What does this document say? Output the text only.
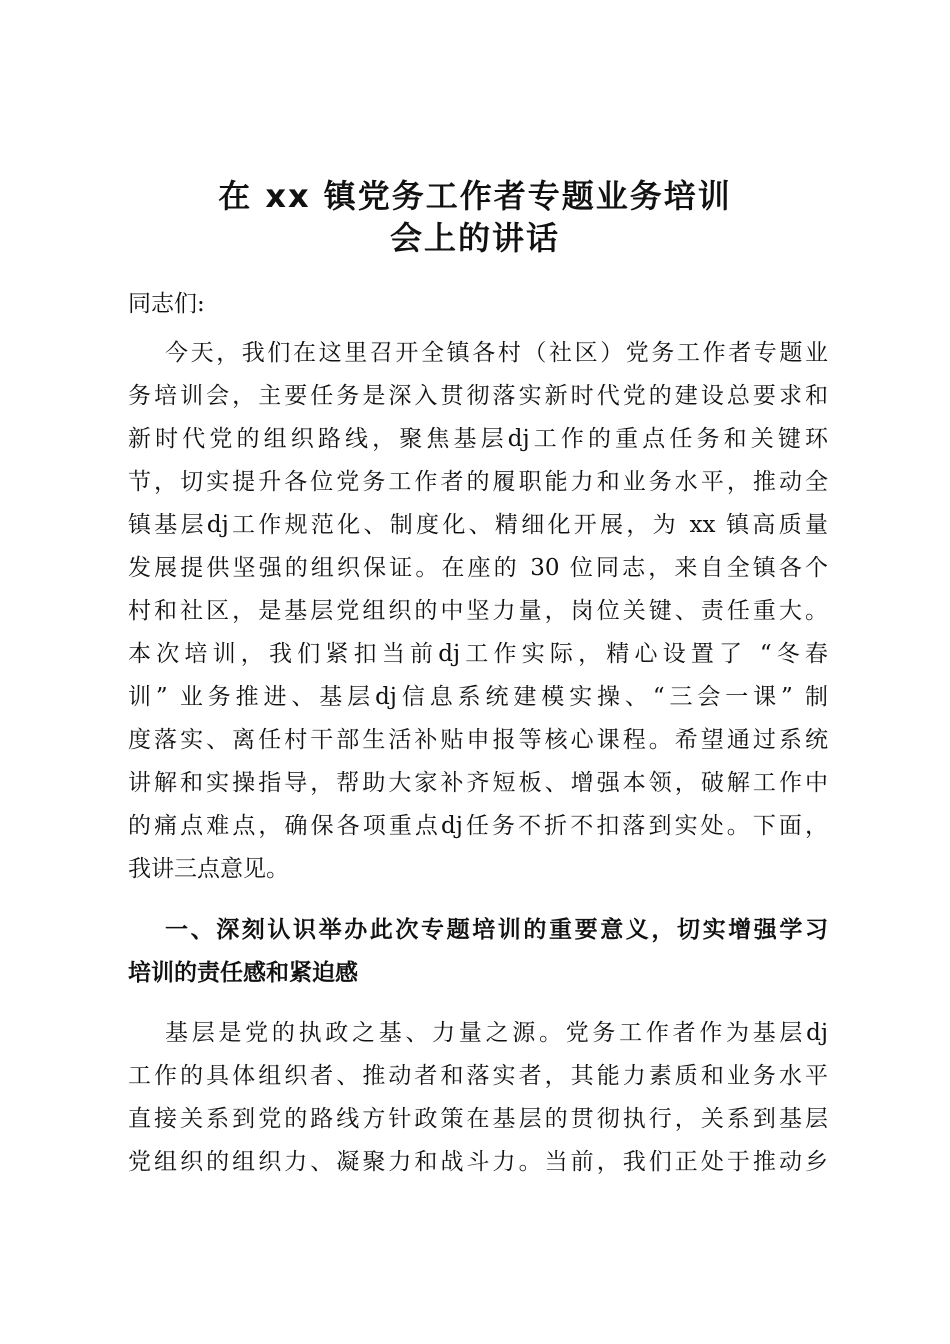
在 xx 镇党务工作者专题业务培训
会上的讲话
同志们:
今天，我们在这里召开全镇各村（社区）党务工作者专题业
务培训会，主要任务是深入贯彻落实新时代党的建设总要求和
新时代党的组织路线，聚焦基层dj工作的重点任务和关键环
节，切实提升各位党务工作者的履职能力和业务水平，推动全
镇基层dj工作规范化、制度化、精细化开展，为 xx 镇高质量
发展提供坚强的组织保证。在座的 30 位同志，来自全镇各个
村和社区，是基层党组织的中坚力量，岗位关键、责任重大。
本次培训，我们紧扣当前dj工作实际，精心设置了 “冬春
训” 业务推进、基层dj信息系统建模实操、“三会一课” 制
度落实、离任村干部生活补贴申报等核心课程。希望通过系统
讲解和实操指导，帮助大家补齐短板、增强本领，破解工作中
的痛点难点，确保各项重点dj任务不折不扣落到实处。下面，
我讲三点意见。
一、深刻认识举办此次专题培训的重要意义，切实增强学习
培训的责任感和紧迫感
基层是党的执政之基、力量之源。党务工作者作为基层dj
工作的具体组织者、推动者和落实者，其能力素质和业务水平
直接关系到党的路线方针政策在基层的贯彻执行，关系到基层
党组织的组织力、凝聚力和战斗力。当前，我们正处于推动乡
